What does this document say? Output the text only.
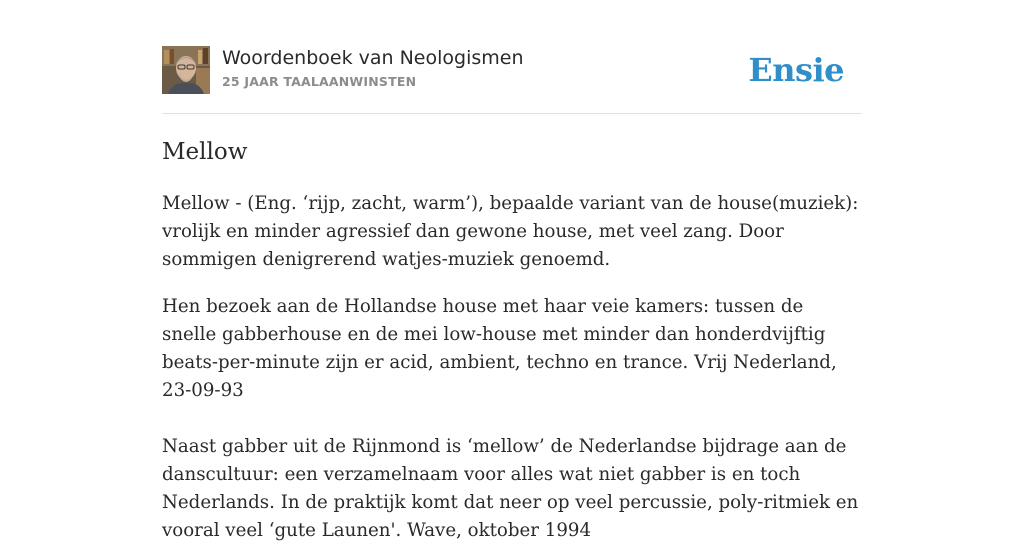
Woordenboek van Neologismen
25 JAAR TAALAANWINSTEN	Ensie
Mellow

Mellow - (Eng. ‘rijp, zacht, warm’), bepaalde variant van de house(muziek): vrolijk en minder agressief dan gewone house, met veel zang. Door sommigen denigrerend watjes-muziek genoemd.

Hen bezoek aan de Hollandse house met haar veie kamers: tussen de snelle gabberhouse en de mei low-house met minder dan honderdvijftig beats-per-minute zijn er acid, ambient, techno en trance. Vrij Nederland, 23-09-93

Naast gabber uit de Rijnmond is ‘mellow’ de Nederlandse bijdrage aan de danscultuur: een verzamelnaam voor alles wat niet gabber is en toch Nederlands. In de praktijk komt dat neer op veel percussie, poly-ritmiek en vooral veel ‘gute Launen'. Wave, oktober 1994
